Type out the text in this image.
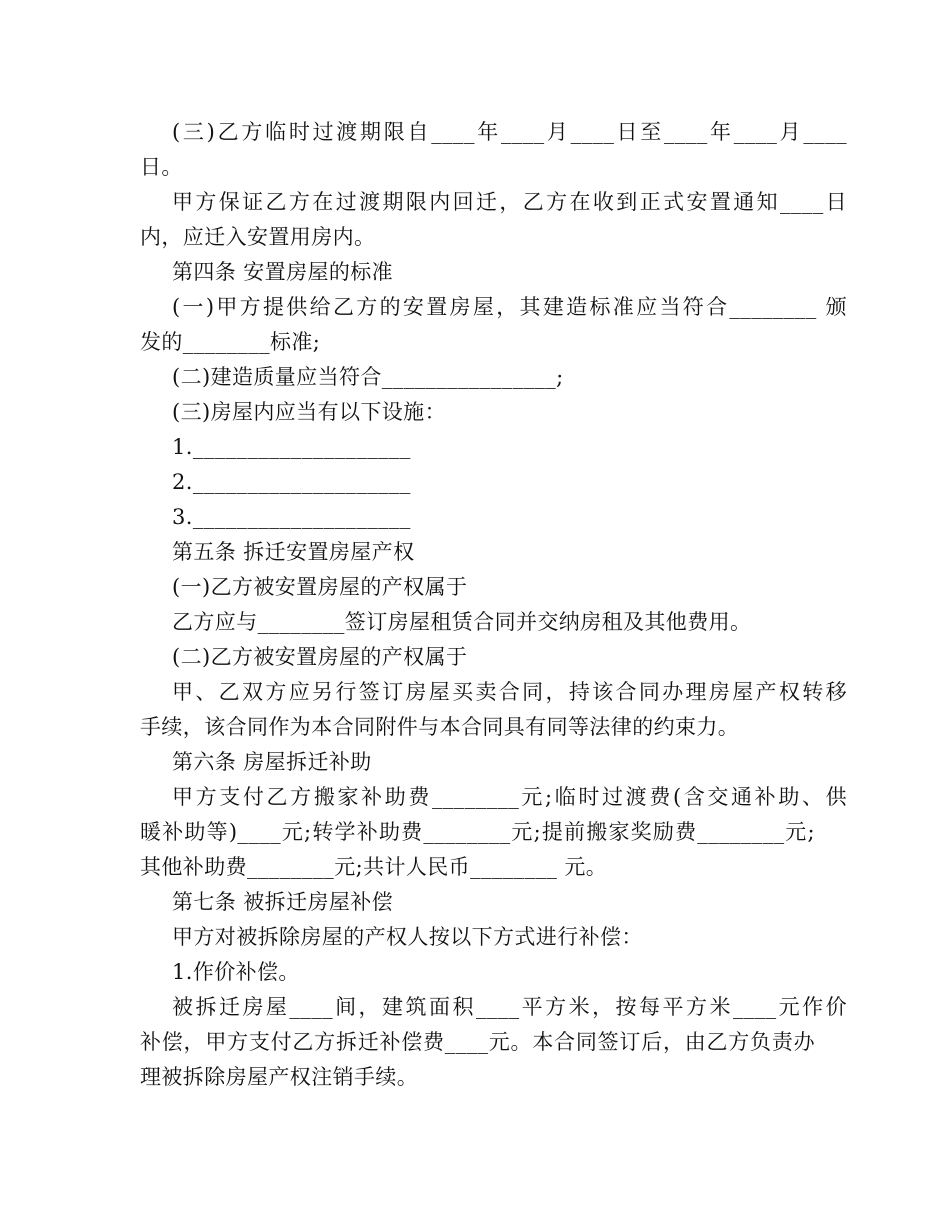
(三)乙方临时过渡期限自____年____月____日至____年____月____
日。
甲方保证乙方在过渡期限内回迁，乙方在收到正式安置通知____日
内，应迁入安置用房内。
第四条 安置房屋的标准
(一)甲方提供给乙方的安置房屋，其建造标准应当符合________ 颁
发的________标准;
(二)建造质量应当符合________________;
(三)房屋内应当有以下设施：
1.____________________
2.____________________
3.____________________
第五条 拆迁安置房屋产权
(一)乙方被安置房屋的产权属于
乙方应与________签订房屋租赁合同并交纳房租及其他费用。
(二)乙方被安置房屋的产权属于
甲、乙双方应另行签订房屋买卖合同，持该合同办理房屋产权转移
手续，该合同作为本合同附件与本合同具有同等法律的约束力。
第六条 房屋拆迁补助
甲方支付乙方搬家补助费________元;临时过渡费(含交通补助、供
暖补助等)____元;转学补助费________元;提前搬家奖励费________元;
其他补助费________元;共计人民币________ 元。
第七条 被拆迁房屋补偿
甲方对被拆除房屋的产权人按以下方式进行补偿：
1.作价补偿。
被拆迁房屋____间，建筑面积____平方米，按每平方米____元作价
补偿，甲方支付乙方拆迁补偿费____元。本合同签订后，由乙方负责办
理被拆除房屋产权注销手续。
